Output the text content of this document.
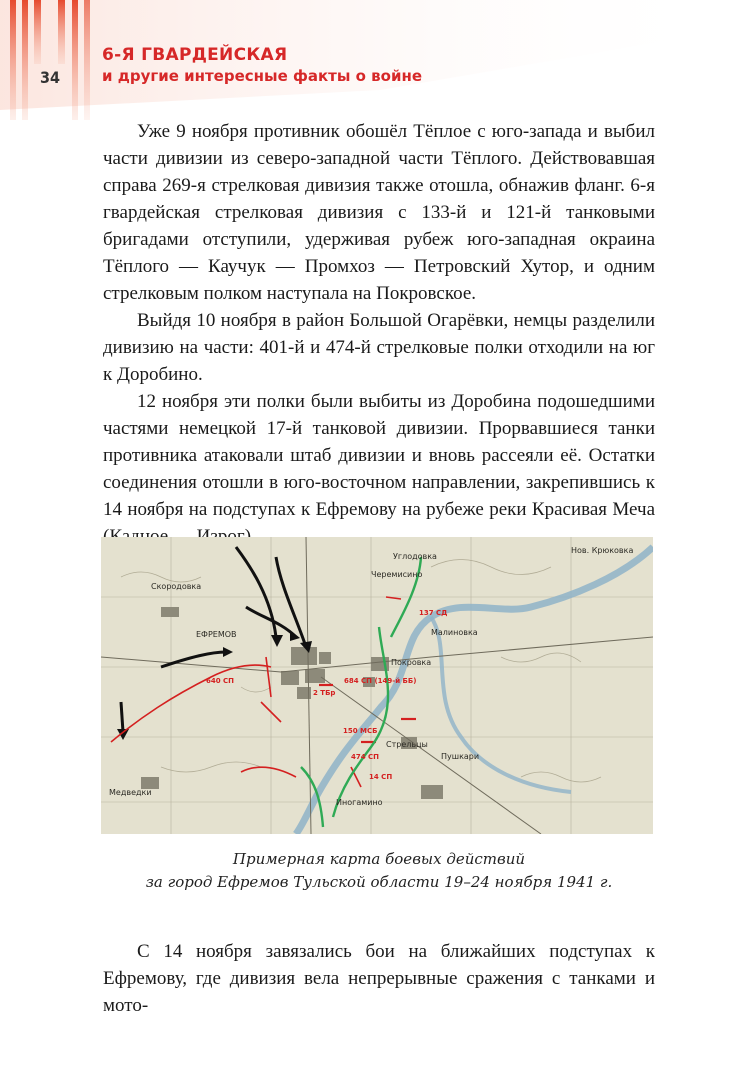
34
6-Я ГВАРДЕЙСКАЯ
и другие интересные факты о войне

Уже 9 ноября противник обошёл Тёплое с юго-запада и выбил части дивизии из северо-западной части Тёплого. Действовавшая справа 269-я стрелковая дивизия также отошла, обнажив фланг. 6-я гвардейская стрелковая дивизия с 133-й и 121-й танковыми бригадами отступили, удерживая рубеж юго-западная окраина Тёплого — Каучук — Промхоз — Петровский Хутор, и одним стрелковым полком наступала на Покровское.

Выйдя 10 ноября в район Большой Огарёвки, немцы разделили дивизию на части: 401-й и 474-й стрелковые полки отходили на юг к Доробино.

12 ноября эти полки были выбиты из Доробина подошедшими частями немецкой 17-й танковой дивизии. Прорвавшиеся танки противника атаковали штаб дивизии и вновь рассеяли её. Остатки соединения отошли в юго-восточном направлении, закрепившись к 14 ноября на подступах к Ефремову на рубеже реки Красивая Меча

Скородовка
ЕФРЕМОВ
Покровка
Стрельцы
Пушкари
Иногамино
Медведки
Углодовка
Черемисино
Нов. Крюковка
Малиновка
137 СД
640 СП	684 СП (149-й ББ)
2 ТБр
150 МСБ
474 СП
14 СП
Примерная карта боевых действий
за город Ефремов Тульской области 19–24 ноября 1941 г.

С 14 ноября завязались бои на ближайших подступах к Ефремову, где дивизия вела непрерывные сражения с танками и мото-
